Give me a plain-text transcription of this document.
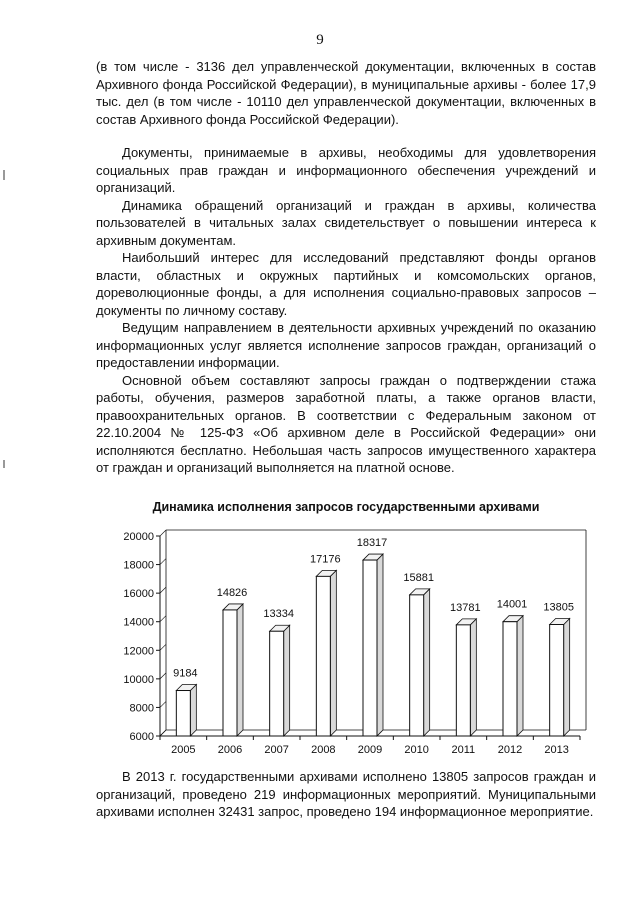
9

(в том числе - 3136 дел управленческой документации, включенных в состав Архивного фонда Российской Федерации), в муниципальные архивы - более 17,9 тыс. дел (в том числе - 10110 дел управленческой документации, включенных в состав Архивного фонда Российской Федерации).

Документы, принимаемые в архивы, необходимы для удовлетворения социальных прав граждан и информационного обеспечения учреждений и организаций.

Динамика обращений организаций и граждан в архивы, количества пользователей в читальных залах свидетельствует о повышении интереса к архивным документам.

Наибольший интерес для исследований представляют фонды органов власти, областных и окружных партийных и комсомольских органов, дореволюционные фонды, а для исполнения социально-правовых запросов – документы по личному составу.

Ведущим направлением в деятельности архивных учреждений по оказанию информационных услуг является исполнение запросов граждан, организаций о предоставлении информации.

Основной объем составляют запросы граждан о подтверждении стажа работы, обучения, размеров заработной платы, а также органов власти, правоохранительных органов. В соответствии с Федеральным законом от 22.10.2004 № 125-ФЗ «Об архивном деле в Российской Федерации» они исполняются бесплатно. Небольшая часть запросов имущественного характера от граждан и организаций выполняется на платной основе.

Динамика исполнения запросов государственными архивами
6000
8000
10000
12000
14000
16000
18000
20000
9184
2005
14826
2006
13334
2007
17176
2008
18317
2009
15881
2010
13781
2011
14001
2012
13805
2013

В 2013 г. государственными архивами исполнено 13805 запросов граждан и организаций, проведено 219 информационных мероприятий. Муниципальными архивами исполнен 32431 запрос, проведено 194 информационное мероприятие.
